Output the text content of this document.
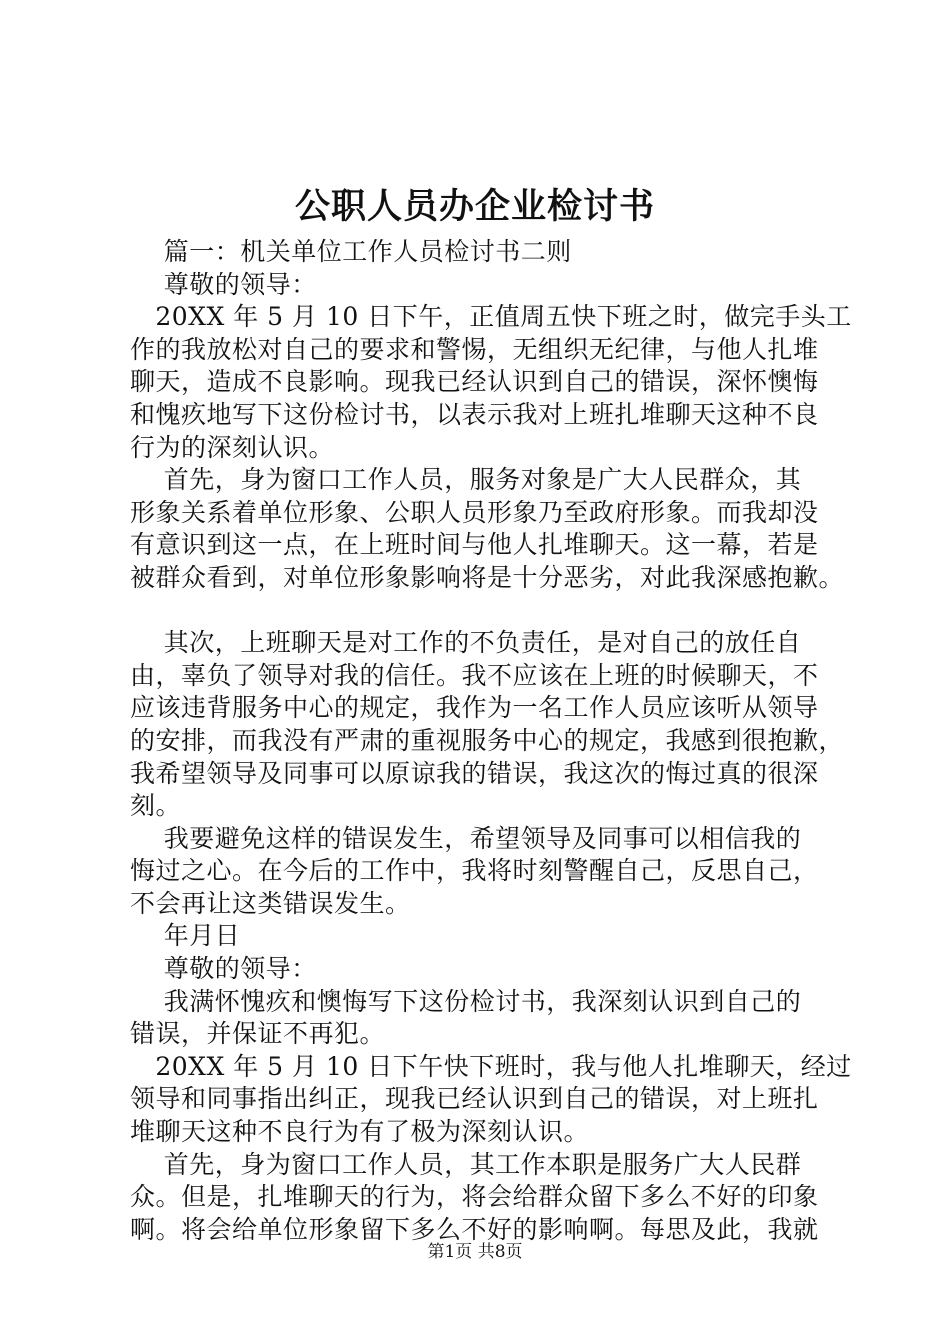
公职人员办企业检讨书
篇一：机关单位工作人员检讨书二则
尊敬的领导：
20XX 年 5 月 10 日下午，正值周五快下班之时，做完手头工
作的我放松对自己的要求和警惕，无组织无纪律，与他人扎堆
聊天，造成不良影响。现我已经认识到自己的错误，深怀懊悔
和愧疚地写下这份检讨书，以表示我对上班扎堆聊天这种不良
行为的深刻认识。
首先，身为窗口工作人员，服务对象是广大人民群众，其
形象关系着单位形象、公职人员形象乃至政府形象。而我却没
有意识到这一点，在上班时间与他人扎堆聊天。这一幕，若是
被群众看到，对单位形象影响将是十分恶劣，对此我深感抱歉。
其次，上班聊天是对工作的不负责任，是对自己的放任自
由，辜负了领导对我的信任。我不应该在上班的时候聊天，不
应该违背服务中心的规定，我作为一名工作人员应该听从领导
的安排，而我没有严肃的重视服务中心的规定，我感到很抱歉，
我希望领导及同事可以原谅我的错误，我这次的悔过真的很深
刻。
我要避免这样的错误发生，希望领导及同事可以相信我的
悔过之心。在今后的工作中，我将时刻警醒自己，反思自己，
不会再让这类错误发生。
年月日
尊敬的领导：
我满怀愧疚和懊悔写下这份检讨书，我深刻认识到自己的
错误，并保证不再犯。
20XX 年 5 月 10 日下午快下班时，我与他人扎堆聊天，经过
领导和同事指出纠正，现我已经认识到自己的错误，对上班扎
堆聊天这种不良行为有了极为深刻认识。
首先，身为窗口工作人员，其工作本职是服务广大人民群
众。但是，扎堆聊天的行为，将会给群众留下多么不好的印象
啊。将会给单位形象留下多么不好的影响啊。每思及此，我就
第1页 共8页
